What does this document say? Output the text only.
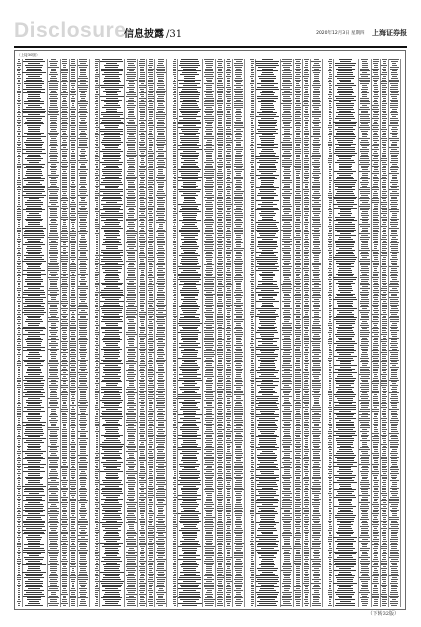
Disclosure
信息披露 /31	2020年12月3日 星期四 上海证券报
（上接30版）
（下转32版）
